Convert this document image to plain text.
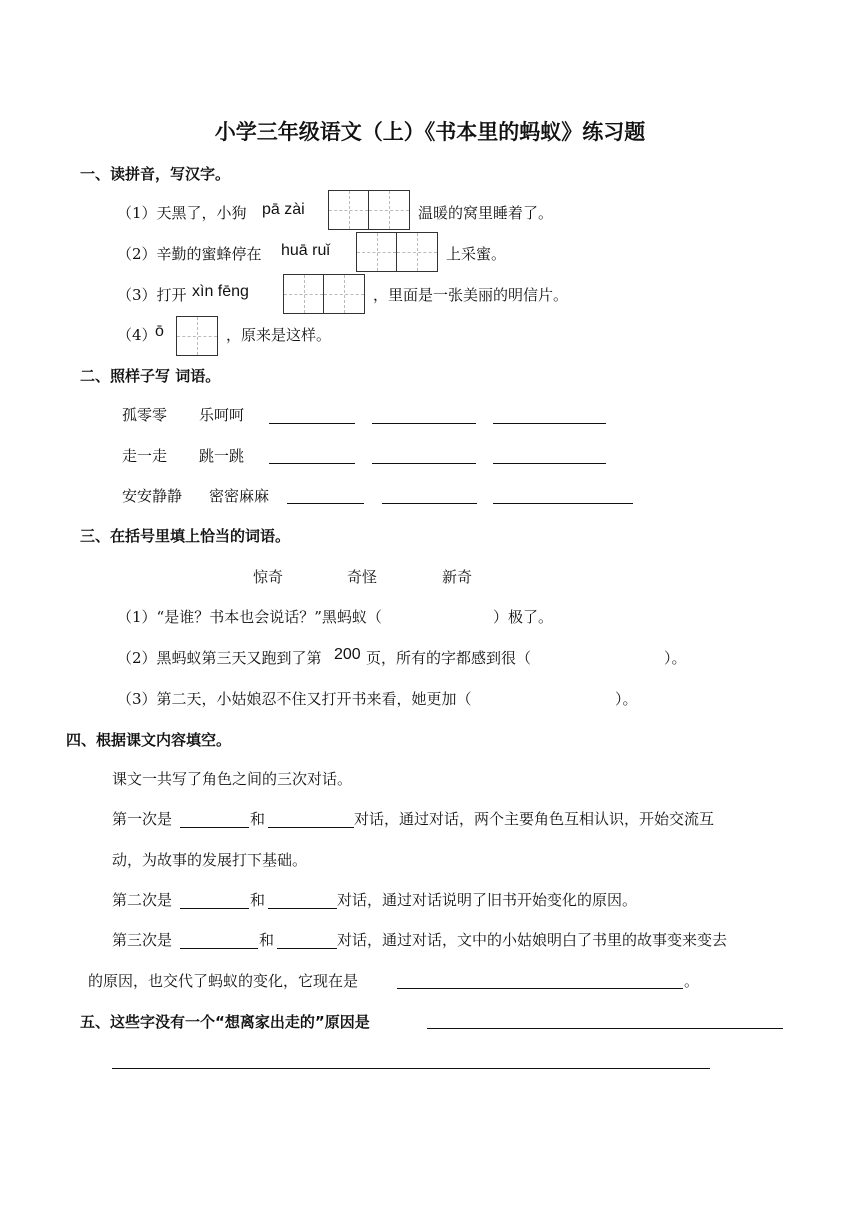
小学三年级语文（上）《书本里的蚂蚁》练习题
一、读拼音，写汉字。
（1）天黑了，小狗 pā zài	温暖的窝里睡着了。
（2）辛勤的蜜蜂停在 huā ruǐ	上采蜜。
（3）打开 xìn fēng	，里面是一张美丽的明信片。
（4）
ō	，原来是这样。
二、照样子写 词语。
孤零零 乐呵呵
走一走 跳一跳
安安静静 密密麻麻
三、在括号里填上恰当的词语。
惊奇	奇怪	新奇
（1）“是谁？书本也会说话？”黑蚂蚁（	）极了。
（2）黑蚂蚁第三天又跑到了第 200 页，所有的字都感到很（	）。
（3）第二天，小姑娘忍不住又打开书来看，她更加（	）。
四、根据课文内容填空。
课文一共写了角色之间的三次对话。
第一次是	和	对话，通过对话，两个主要角色互相认识，开始交流互
动，为故事的发展打下基础。
第二次是	和	对话，通过对话说明了旧书开始变化的原因。
第三次是	和	对话，通过对话，文中的小姑娘明白了书里的故事变来变去
的原因，也交代了蚂蚁的变化，它现在是	。
五、这些字没有一个“想离家出走的”原因是
